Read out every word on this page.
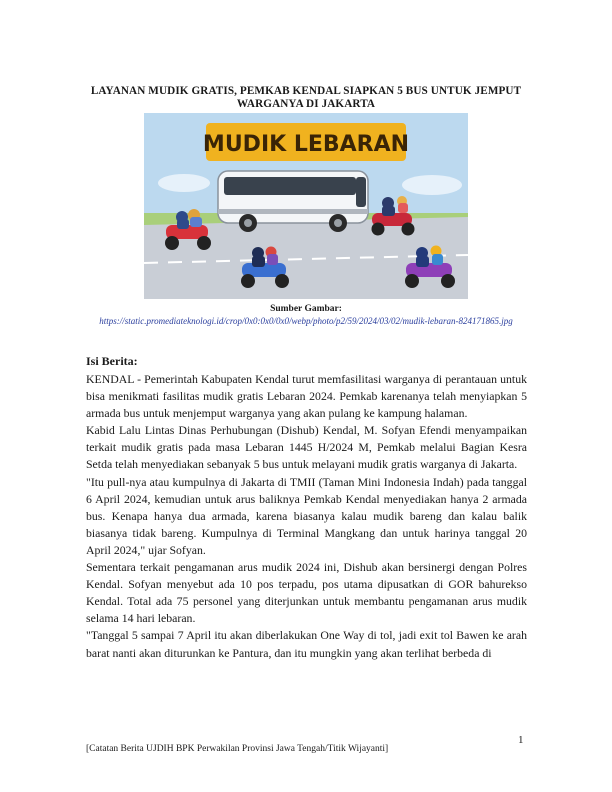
LAYANAN MUDIK GRATIS, PEMKAB KENDAL SIAPKAN 5 BUS UNTUK JEMPUT WARGANYA DI JAKARTA
MUDIK LEBARAN
Sumber Gambar:
https://static.promediateknologi.id/crop/0x0:0x0/0x0/webp/photo/p2/59/2024/03/02/mudik-lebaran-824171865.jpg
Isi Berita:

KENDAL - Pemerintah Kabupaten Kendal turut memfasilitasi warganya di perantauan untuk bisa menikmati fasilitas mudik gratis Lebaran 2024. Pemkab karenanya telah menyiapkan 5 armada bus untuk menjemput warganya yang akan pulang ke kampung halaman.

Kabid Lalu Lintas Dinas Perhubungan (Dishub) Kendal, M. Sofyan Efendi menyampaikan terkait mudik gratis pada masa Lebaran 1445 H/2024 M, Pemkab melalui Bagian Kesra Setda telah menyediakan sebanyak 5 bus untuk melayani mudik gratis warganya di Jakarta.

"Itu pull-nya atau kumpulnya di Jakarta di TMII (Taman Mini Indonesia Indah) pada tanggal 6 April 2024, kemudian untuk arus baliknya Pemkab Kendal menyediakan hanya 2 armada bus. Kenapa hanya dua armada, karena biasanya kalau mudik bareng dan kalau balik biasanya tidak bareng. Kumpulnya di Terminal Mangkang dan untuk harinya tanggal 20 April 2024," ujar Sofyan.

Sementara terkait pengamanan arus mudik 2024 ini, Dishub akan bersinergi dengan Polres Kendal. Sofyan menyebut ada 10 pos terpadu, pos utama dipusatkan di GOR bahurekso Kendal. Total ada 75 personel yang diterjunkan untuk membantu pengamanan arus mudik selama 14 hari lebaran.

"Tanggal 5 sampai 7 April itu akan diberlakukan One Way di tol, jadi exit tol Bawen ke arah barat nanti akan diturunkan ke Pantura, dan itu mungkin yang akan terlihat berbeda di

1
[Catatan Berita UJDIH BPK Perwakilan Provinsi Jawa Tengah/Titik Wijayanti]
